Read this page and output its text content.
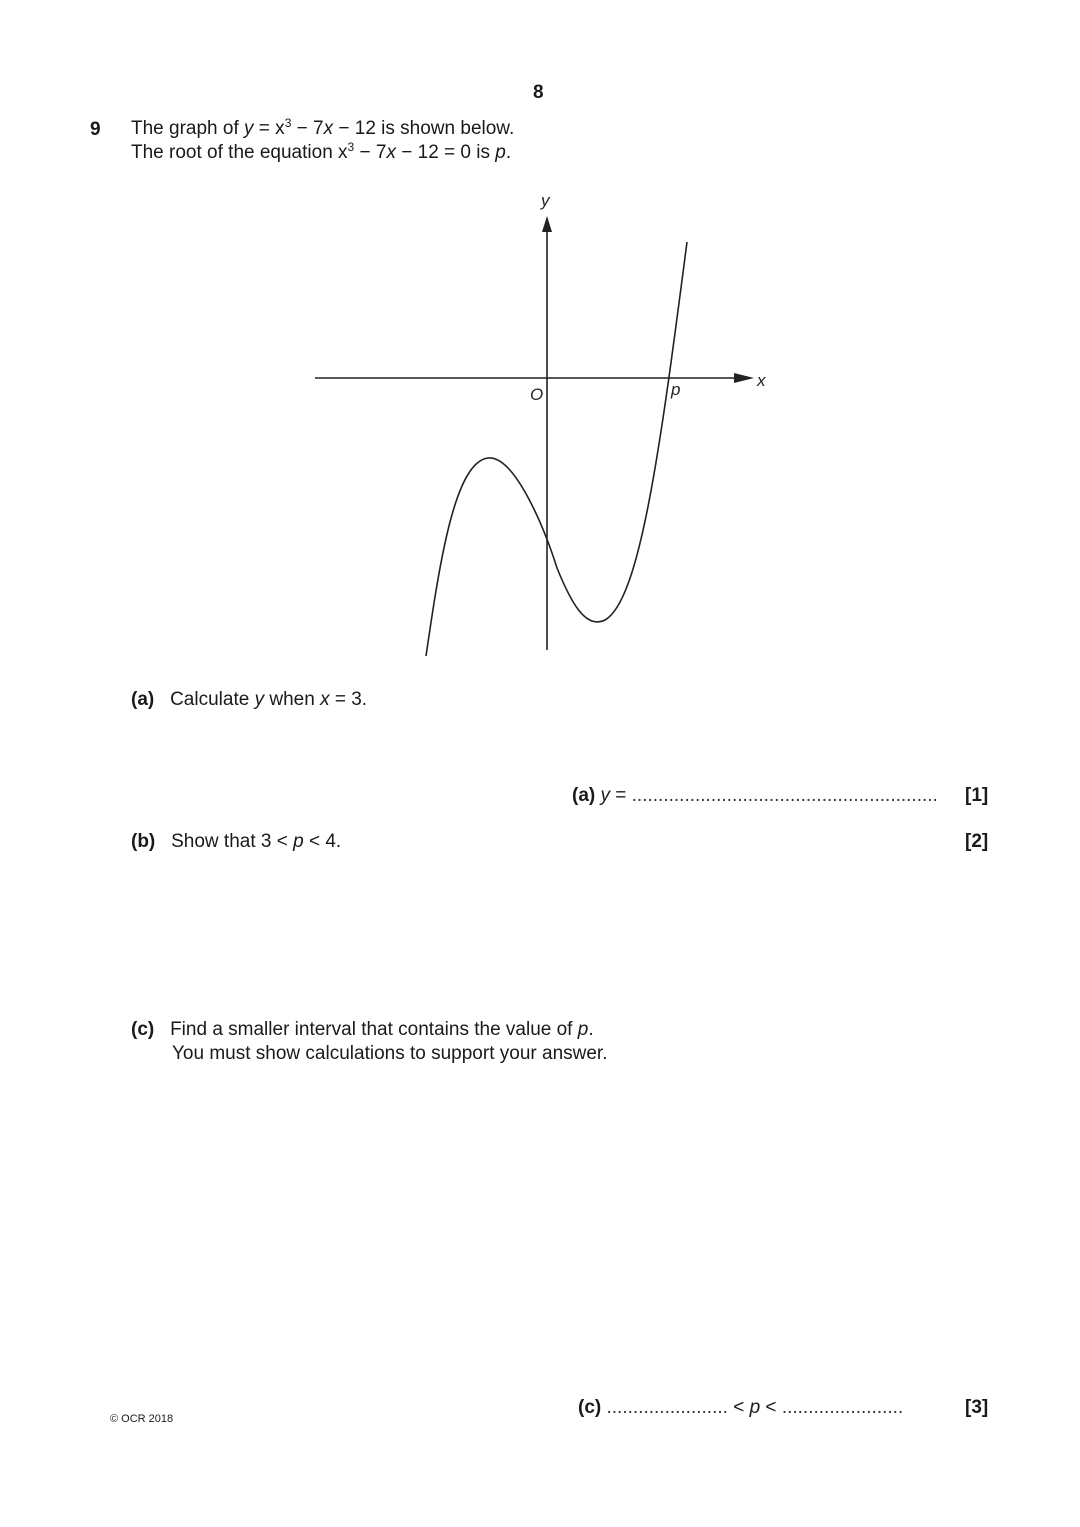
8
9 The graph of $y = x^3 - 7x - 12$ is shown below.
The root of the equation $x^3 - 7x - 12 = 0$ is p.
y
x
O	p
(a) Calculate y when x = 3.
(a) y = .......................................................... [1]
(b) Show that 3 < p < 4.	[2]
(c) Find a smaller interval that contains the value of p.
You must show calculations to support your answer.
(c) ....................... < p < .......................	[3]
© OCR 2018
